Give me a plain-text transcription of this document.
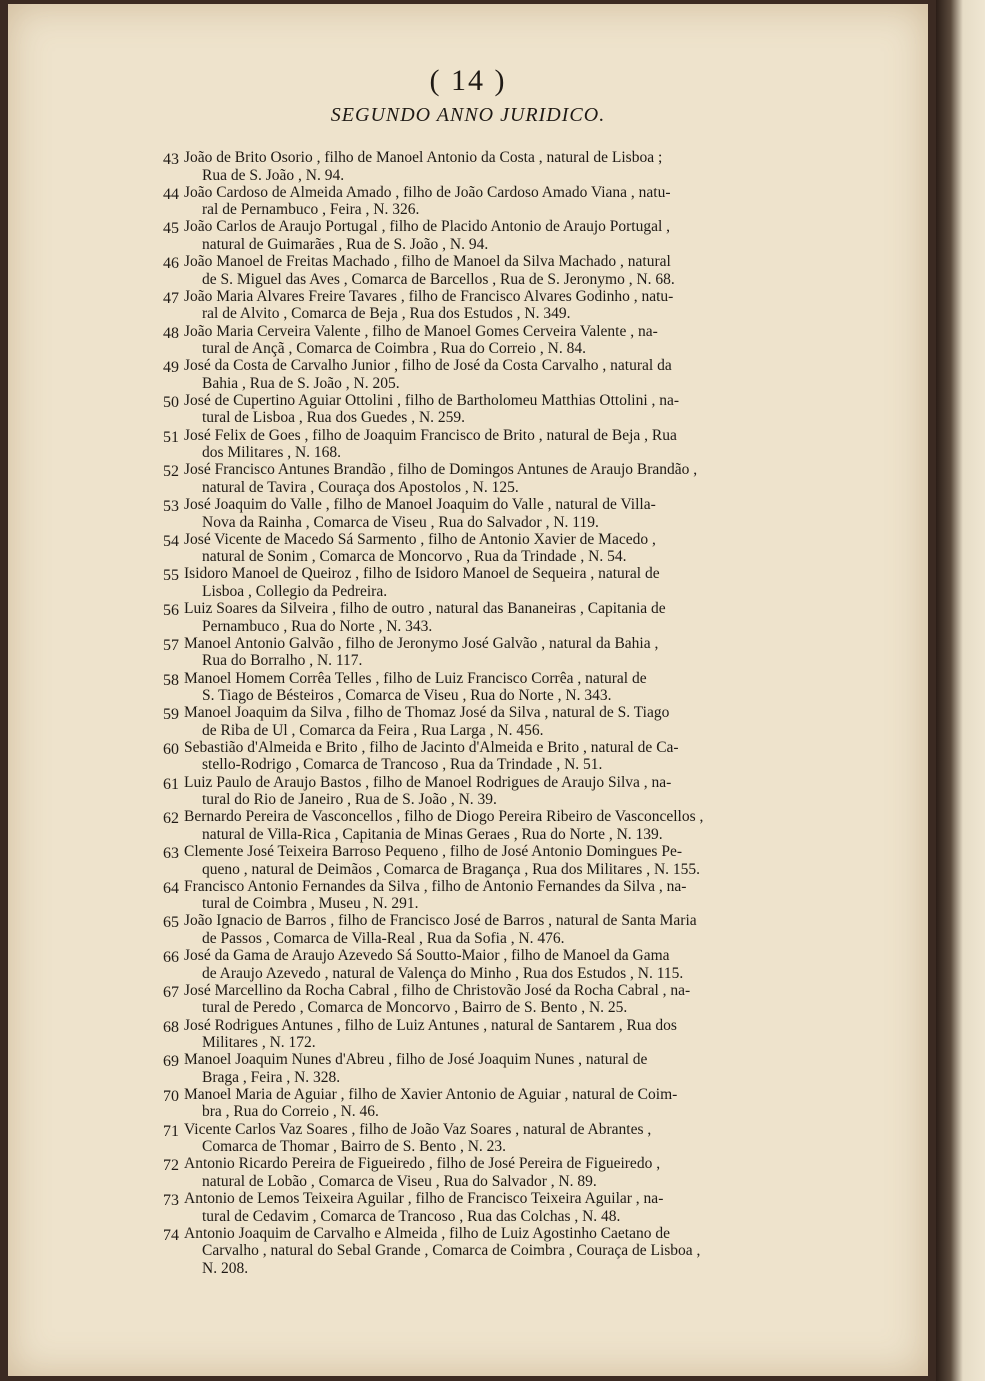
( 14 )
SEGUNDO ANNO JURIDICO.
43 João de Brito Osorio , filho de Manoel Antonio da Costa , natural de Lisboa ;
Rua de S. João , N. 94.
44 João Cardoso de Almeida Amado , filho de João Cardoso Amado Viana , natu-
ral de Pernambuco , Feira , N. 326.
45 João Carlos de Araujo Portugal , filho de Placido Antonio de Araujo Portugal ,
natural de Guimarães , Rua de S. João , N. 94.
46 João Manoel de Freitas Machado , filho de Manoel da Silva Machado , natural
de S. Miguel das Aves , Comarca de Barcellos , Rua de S. Jeronymo , N. 68.
47 João Maria Alvares Freire Tavares , filho de Francisco Alvares Godinho , natu-
ral de Alvito , Comarca de Beja , Rua dos Estudos , N. 349.
48 João Maria Cerveira Valente , filho de Manoel Gomes Cerveira Valente , na-
tural de Ançã , Comarca de Coimbra , Rua do Correio , N. 84.
49 José da Costa de Carvalho Junior , filho de José da Costa Carvalho , natural da
Bahia , Rua de S. João , N. 205.
50 José de Cupertino Aguiar Ottolini , filho de Bartholomeu Matthias Ottolini , na-
tural de Lisboa , Rua dos Guedes , N. 259.
51 José Felix de Goes , filho de Joaquim Francisco de Brito , natural de Beja , Rua
dos Militares , N. 168.
52 José Francisco Antunes Brandão , filho de Domingos Antunes de Araujo Brandão ,
natural de Tavira , Couraça dos Apostolos , N. 125.
53 José Joaquim do Valle , filho de Manoel Joaquim do Valle , natural de Villa-
Nova da Rainha , Comarca de Viseu , Rua do Salvador , N. 119.
54 José Vicente de Macedo Sá Sarmento , filho de Antonio Xavier de Macedo ,
natural de Sonim , Comarca de Moncorvo , Rua da Trindade , N. 54.
55 Isidoro Manoel de Queiroz , filho de Isidoro Manoel de Sequeira , natural de
Lisboa , Collegio da Pedreira.
56 Luiz Soares da Silveira , filho de outro , natural das Bananeiras , Capitania de
Pernambuco , Rua do Norte , N. 343.
57 Manoel Antonio Galvão , filho de Jeronymo José Galvão , natural da Bahia ,
Rua do Borralho , N. 117.
58 Manoel Homem Corrêa Telles , filho de Luiz Francisco Corrêa , natural de
S. Tiago de Bésteiros , Comarca de Viseu , Rua do Norte , N. 343.
59 Manoel Joaquim da Silva , filho de Thomaz José da Silva , natural de S. Tiago
de Riba de Ul , Comarca da Feira , Rua Larga , N. 456.
60 Sebastião d'Almeida e Brito , filho de Jacinto d'Almeida e Brito , natural de Ca-
stello-Rodrigo , Comarca de Trancoso , Rua da Trindade , N. 51.
61 Luiz Paulo de Araujo Bastos , filho de Manoel Rodrigues de Araujo Silva , na-
tural do Rio de Janeiro , Rua de S. João , N. 39.
62 Bernardo Pereira de Vasconcellos , filho de Diogo Pereira Ribeiro de Vasconcellos ,
natural de Villa-Rica , Capitania de Minas Geraes , Rua do Norte , N. 139.
63 Clemente José Teixeira Barroso Pequeno , filho de José Antonio Domingues Pe-
queno , natural de Deimãos , Comarca de Bragança , Rua dos Militares , N. 155.
64 Francisco Antonio Fernandes da Silva , filho de Antonio Fernandes da Silva , na-
tural de Coimbra , Museu , N. 291.
65 João Ignacio de Barros , filho de Francisco José de Barros , natural de Santa Maria
de Passos , Comarca de Villa-Real , Rua da Sofia , N. 476.
66 José da Gama de Araujo Azevedo Sá Soutto-Maior , filho de Manoel da Gama
de Araujo Azevedo , natural de Valença do Minho , Rua dos Estudos , N. 115.
67 José Marcellino da Rocha Cabral , filho de Christovão José da Rocha Cabral , na-
tural de Peredo , Comarca de Moncorvo , Bairro de S. Bento , N. 25.
68 José Rodrigues Antunes , filho de Luiz Antunes , natural de Santarem , Rua dos
Militares , N. 172.
69 Manoel Joaquim Nunes d'Abreu , filho de José Joaquim Nunes , natural de
Braga , Feira , N. 328.
70 Manoel Maria de Aguiar , filho de Xavier Antonio de Aguiar , natural de Coim-
bra , Rua do Correio , N. 46.
71 Vicente Carlos Vaz Soares , filho de João Vaz Soares , natural de Abrantes ,
Comarca de Thomar , Bairro de S. Bento , N. 23.
72 Antonio Ricardo Pereira de Figueiredo , filho de José Pereira de Figueiredo ,
natural de Lobão , Comarca de Viseu , Rua do Salvador , N. 89.
73 Antonio de Lemos Teixeira Aguilar , filho de Francisco Teixeira Aguilar , na-
tural de Cedavim , Comarca de Trancoso , Rua das Colchas , N. 48.
74 Antonio Joaquim de Carvalho e Almeida , filho de Luiz Agostinho Caetano de
Carvalho , natural do Sebal Grande , Comarca de Coimbra , Couraça de Lisboa ,
N. 208.
